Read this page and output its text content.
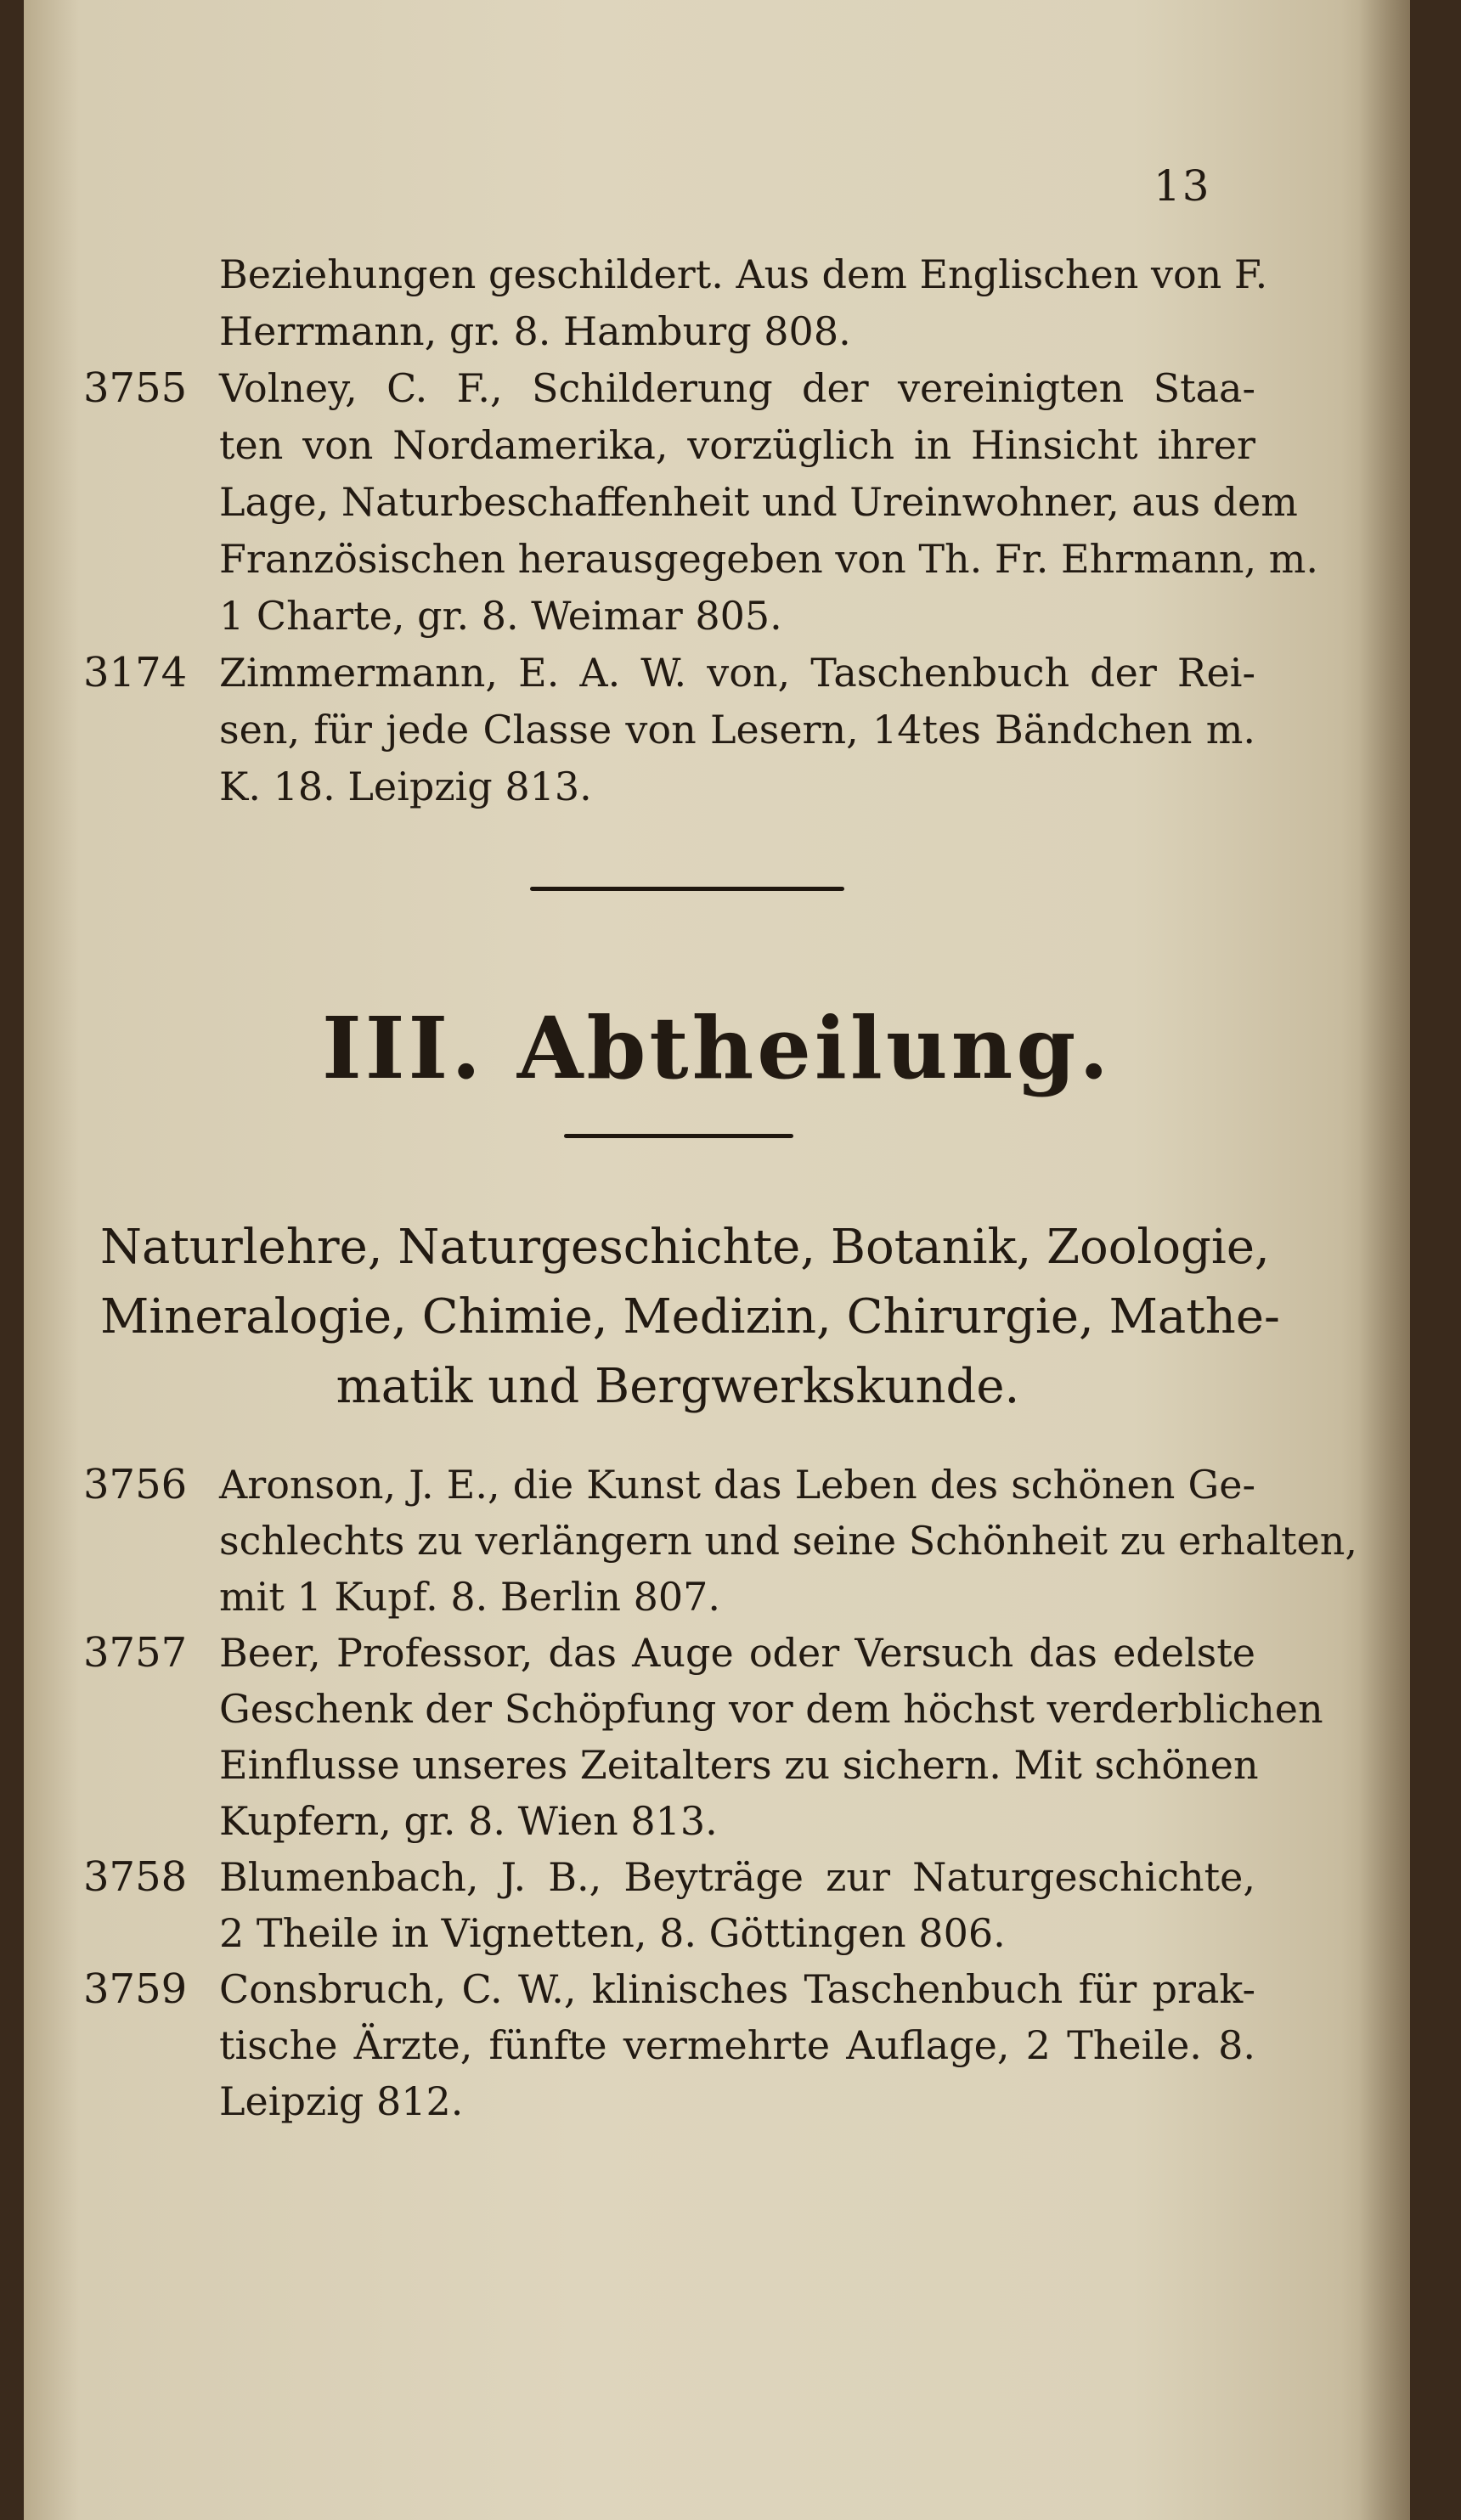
13
Beziehungen geschildert. Aus dem Englischen von F.
Herrmann, gr. 8. Hamburg 808.
3755 Volney, C. F., Schilderung der vereinigten Staa-
ten von Nordamerika, vorzüglich in Hinsicht ihrer
Lage, Naturbeschaffenheit und Ureinwohner, aus dem
Französischen herausgegeben von Th. Fr. Ehrmann, m.
1 Charte, gr. 8. Weimar 805.
3174 Zimmermann, E. A. W. von, Taschenbuch der Rei-
sen, für jede Classe von Lesern, 14tes Bändchen m.
K. 18. Leipzig 813.
III. Abtheilung.
Naturlehre, Naturgeschichte, Botanik, Zoologie,
Mineralogie, Chimie, Medizin, Chirurgie, Mathe-
matik und Bergwerkskunde.
3756 Aronson, J. E., die Kunst das Leben des schönen Ge-
schlechts zu verlängern und seine Schönheit zu erhalten,
mit 1 Kupf. 8. Berlin 807.
3757 Beer, Professor, das Auge oder Versuch das edelste
Geschenk der Schöpfung vor dem höchst verderblichen
Einflusse unseres Zeitalters zu sichern. Mit schönen
Kupfern, gr. 8. Wien 813.
3758 Blumenbach, J. B., Beyträge zur Naturgeschichte,
2 Theile in Vignetten, 8. Göttingen 806.
3759 Consbruch, C. W., klinisches Taschenbuch für prak-
tische Ärzte, fünfte vermehrte Auflage, 2 Theile. 8.
Leipzig 812.
